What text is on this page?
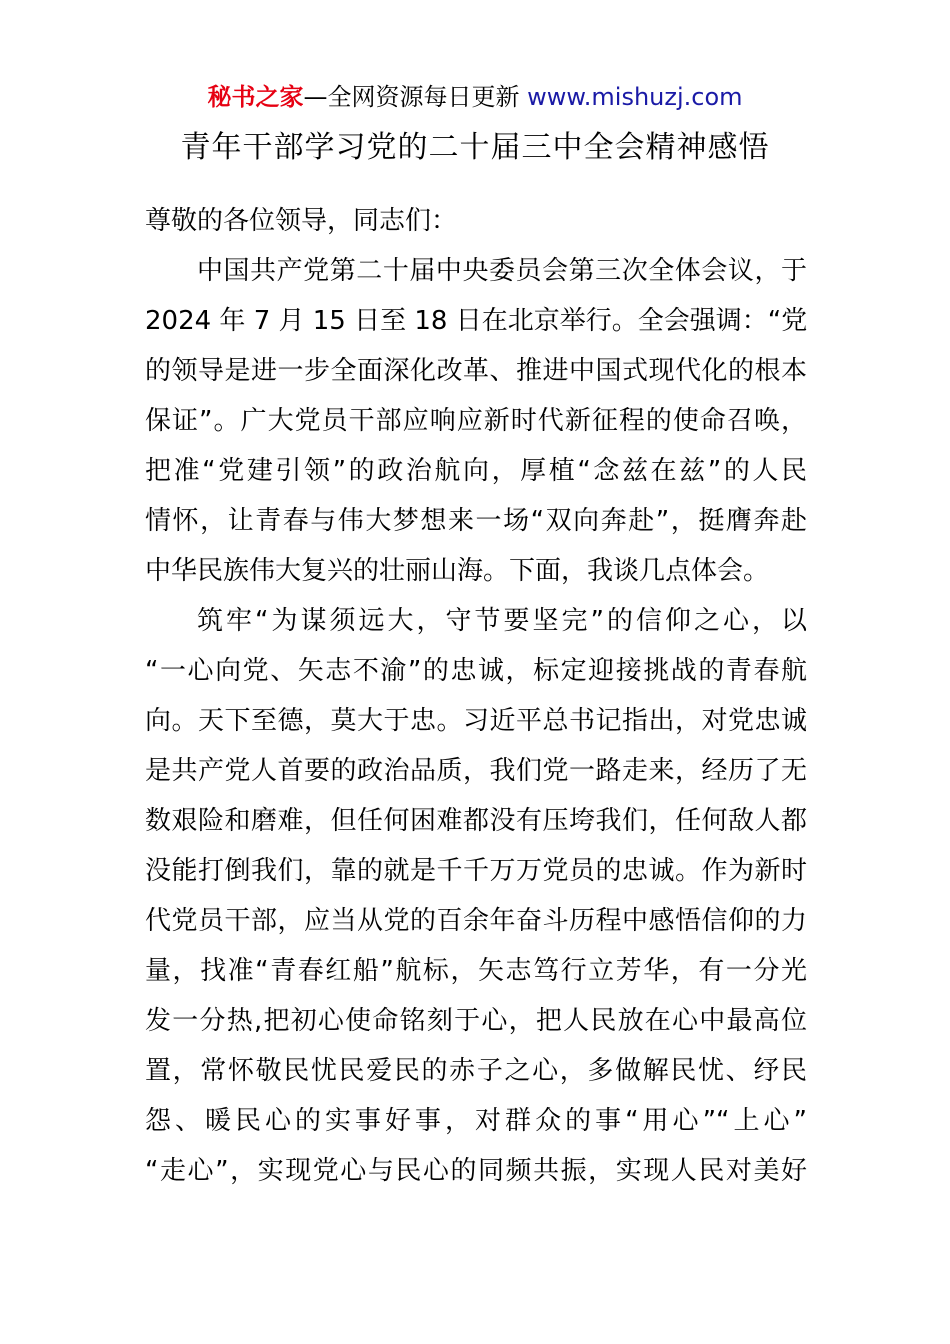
秘书之家—全网资源每日更新 www.mishuzj.com
青年干部学习党的二十届三中全会精神感悟
尊敬的各位领导，同志们：
中国共产党第二十届中央委员会第三次全体会议，于
2024 年 7 月 15 日至 18 日在北京举行。全会强调：“党
的领导是进一步全面深化改革、推进中国式现代化的根本
保证”。广大党员干部应响应新时代新征程的使命召唤，
把准“党建引领”的政治航向，厚植“念兹在兹”的人民
情怀，让青春与伟大梦想来一场“双向奔赴”，挺膺奔赴
中华民族伟大复兴的壮丽山海。下面，我谈几点体会。
筑牢“为谋须远大，守节要坚完”的信仰之心，以
“一心向党、矢志不渝”的忠诚，标定迎接挑战的青春航
向。天下至德，莫大于忠。习近平总书记指出，对党忠诚
是共产党人首要的政治品质，我们党一路走来，经历了无
数艰险和磨难，但任何困难都没有压垮我们，任何敌人都
没能打倒我们，靠的就是千千万万党员的忠诚。作为新时
代党员干部，应当从党的百余年奋斗历程中感悟信仰的力
量，找准“青春红船”航标，矢志笃行立芳华，有一分光
发一分热,把初心使命铭刻于心，把人民放在心中最高位
置，常怀敬民忧民爱民的赤子之心，多做解民忧、纾民
怨、暖民心的实事好事，对群众的事“用心”“上心”
“走心”，实现党心与民心的同频共振，实现人民对美好
